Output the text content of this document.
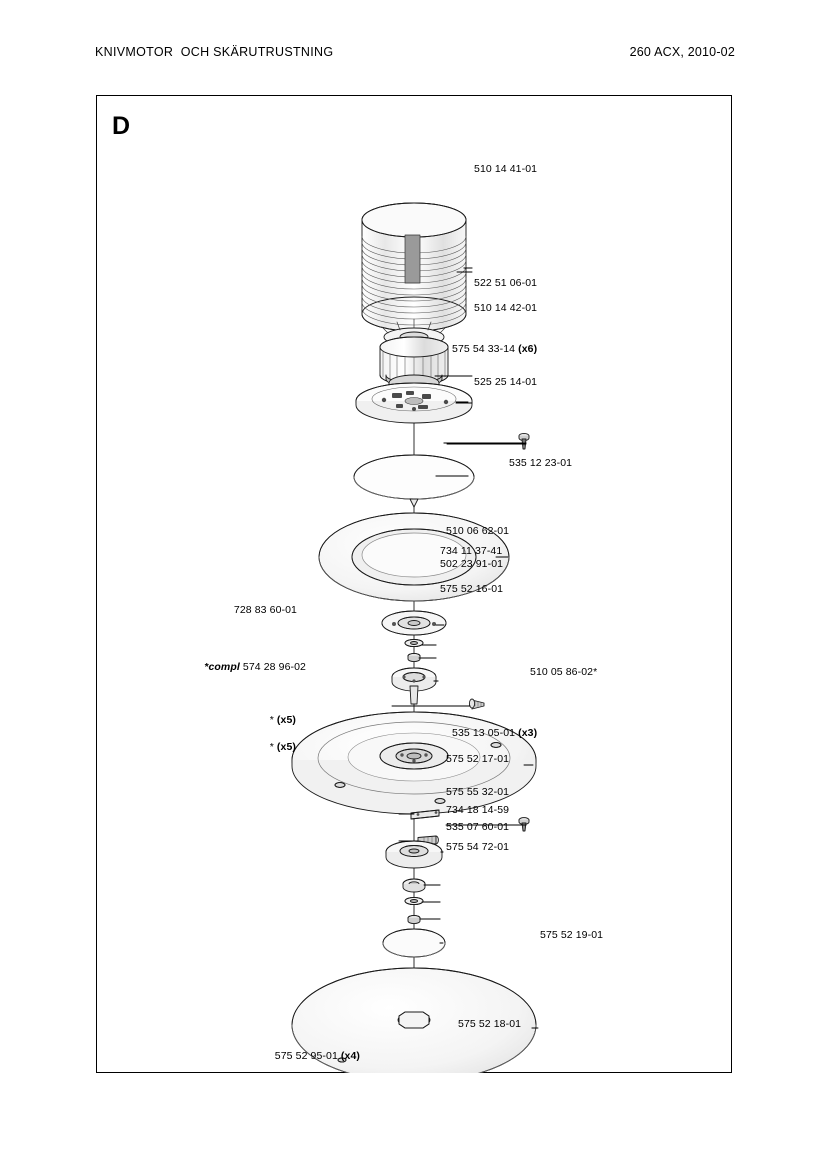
KNIVMOTOR  OCH SKÄRUTRUSTNING	260 ACX, 2010-02
D
510 14 41-01
522 51 06-01
510 14 42-01
575 54 33-14 (x6)
525 25 14-01
535 12 23-01
510 06 62-01
734 11 37-41
502 23 91-01
575 52 16-01
728 83 60-01
510 05 86-02*
535 13 05-01 (x3)
575 52 17-01
575 55 32-01
734 18 14-59
535 07 60-01
575 54 72-01
575 52 19-01
575 52 18-01
575 52 95-01 (x4)
*compl 574 28 96-02
* (x5)
* (x5)
